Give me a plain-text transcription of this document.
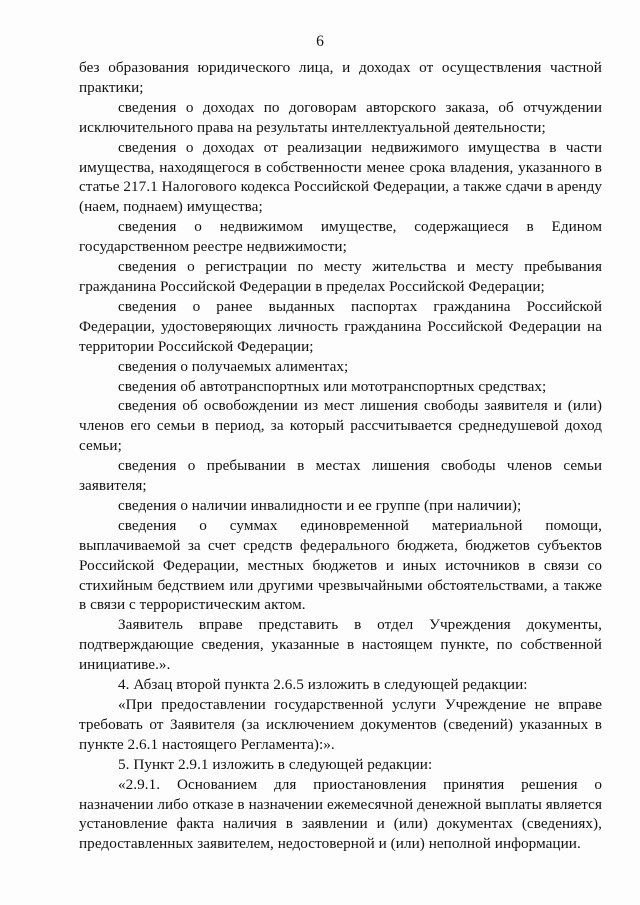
6

без образования юридического лица, и доходах от осуществления частной практики;

сведения о доходах по договорам авторского заказа, об отчуждении исключительного права на результаты интеллектуальной деятельности;

сведения о доходах от реализации недвижимого имущества в части имущества, находящегося в собственности менее срока владения, указанного в статье 217.1 Налогового кодекса Российской Федерации, а также сдачи в аренду (наем, поднаем) имущества;

сведения о недвижимом имуществе, содержащиеся в Едином государственном реестре недвижимости;

сведения о регистрации по месту жительства и месту пребывания гражданина Российской Федерации в пределах Российской Федерации;

сведения о ранее выданных паспортах гражданина Российской Федерации, удостоверяющих личность гражданина Российской Федерации на территории Российской Федерации;

сведения о получаемых алиментах;

сведения об автотранспортных или мототранспортных средствах;

сведения об освобождении из мест лишения свободы заявителя и (или) членов его семьи в период, за который рассчитывается среднедушевой доход семьи;

сведения о пребывании в местах лишения свободы членов семьи заявителя;

сведения о наличии инвалидности и ее группе (при наличии);

сведения о суммах единовременной материальной помощи, выплачиваемой за счет средств федерального бюджета, бюджетов субъектов Российской Федерации, местных бюджетов и иных источников в связи со стихийным бедствием или другими чрезвычайными обстоятельствами, а также в связи с террористическим актом.

Заявитель вправе представить в отдел Учреждения документы, подтверждающие сведения, указанные в настоящем пункте, по собственной инициативе.».

4. Абзац второй пункта 2.6.5 изложить в следующей редакции:

«При предоставлении государственной услуги Учреждение не вправе требовать от Заявителя (за исключением документов (сведений) указанных в пункте 2.6.1 настоящего Регламента):».

5. Пункт 2.9.1 изложить в следующей редакции:

«2.9.1. Основанием для приостановления принятия решения о назначении либо отказе в назначении ежемесячной денежной выплаты является установление факта наличия в заявлении и (или) документах (сведениях), предоставленных заявителем, недостоверной и (или) неполной информации.
